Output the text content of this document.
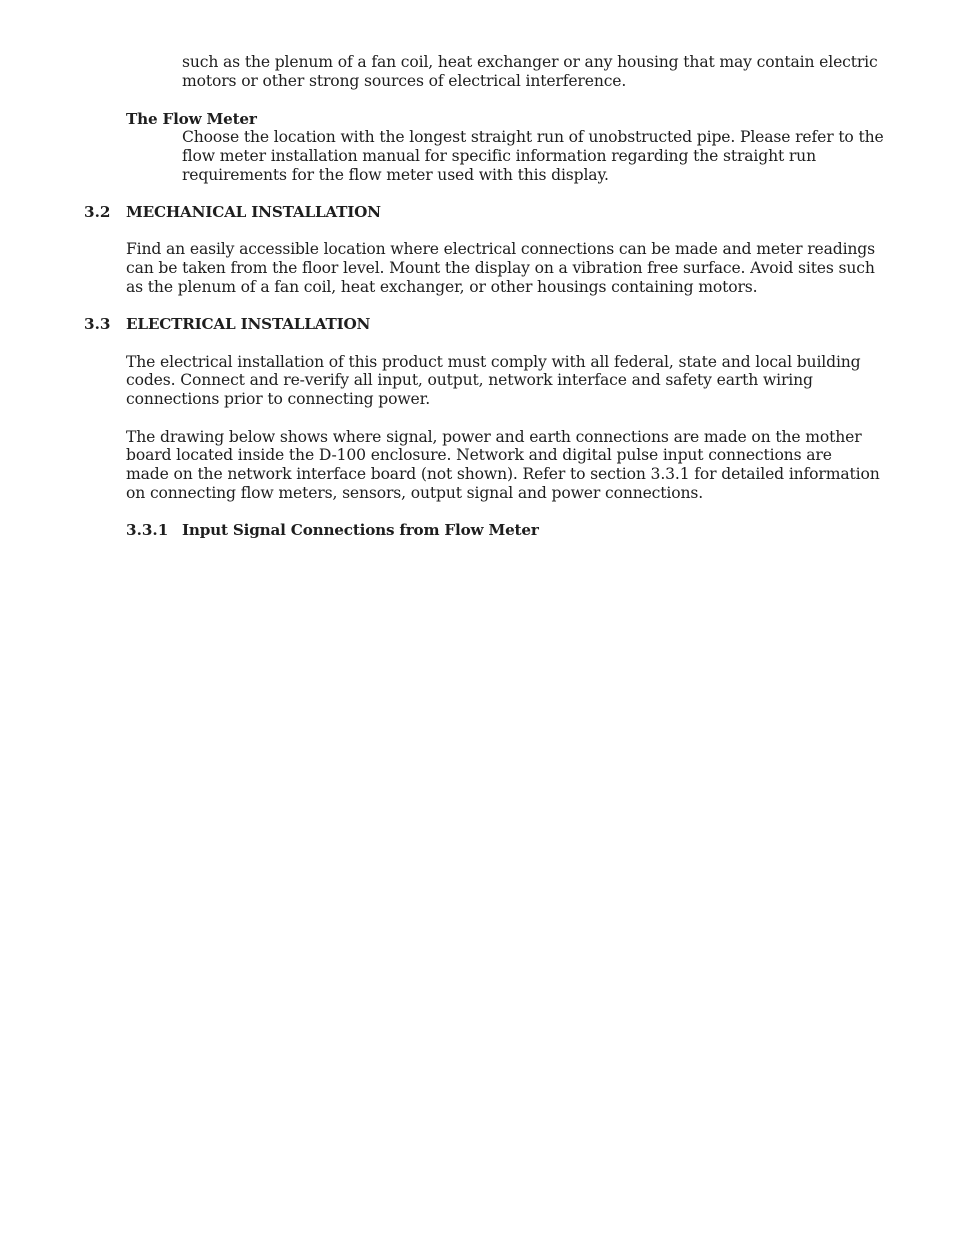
such as the plenum of a fan coil, heat exchanger or any housing that may contain electric
motors or other strong sources of electrical interference.
The Flow Meter
Choose the location with the longest straight run of unobstructed pipe. Please refer to the
flow meter installation manual for specific information regarding the straight run
requirements for the flow meter used with this display.
3.2 MECHANICAL INSTALLATION
Find an easily accessible location where electrical connections can be made and meter readings
can be taken from the floor level. Mount the display on a vibration free surface. Avoid sites such
as the plenum of a fan coil, heat exchanger, or other housings containing motors.
3.3 ELECTRICAL INSTALLATION
The electrical installation of this product must comply with all federal, state and local building
codes. Connect and re-verify all input, output, network interface and safety earth wiring
connections prior to connecting power.
The drawing below shows where signal, power and earth connections are made on the mother
board located inside the D-100 enclosure. Network and digital pulse input connections are
made on the network interface board (not shown). Refer to section 3.3.1 for detailed information
on connecting flow meters, sensors, output signal and power connections.
3.3.1 Input Signal Connections from Flow Meter
